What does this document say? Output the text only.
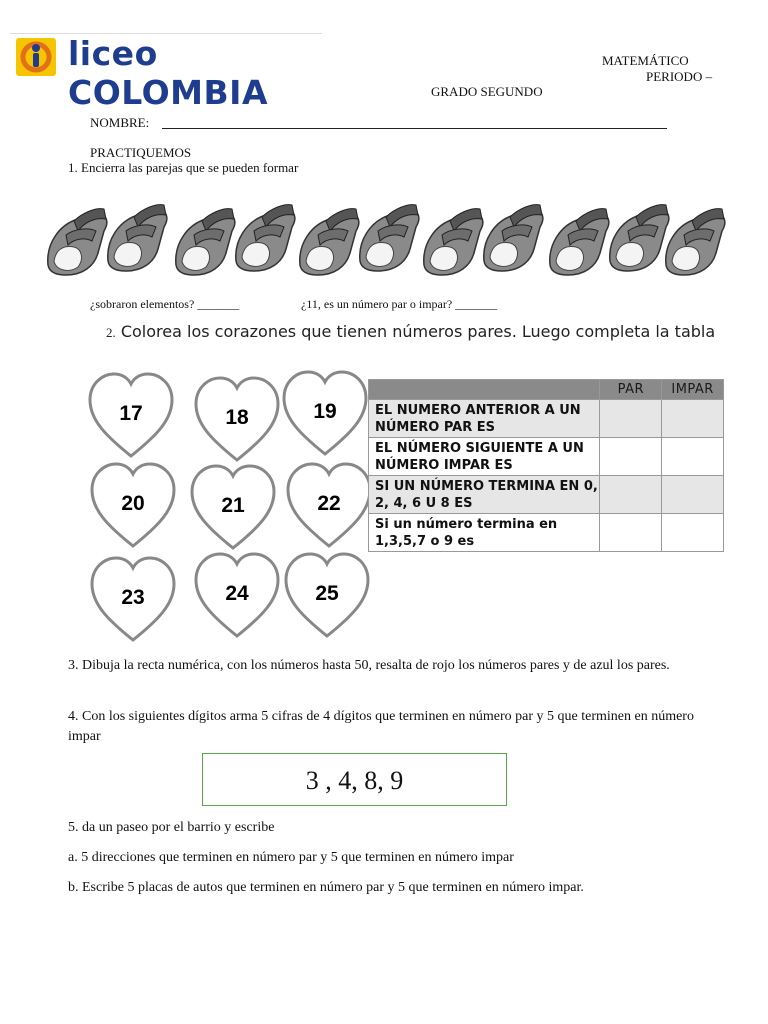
liceo COLOMBIA
MATEMÁTICO
PERIODO –
GRADO SEGUNDO
NOMBRE:
PRACTIQUEMOS
1. Encierra las parejas que se pueden formar
¿sobraron elementos? _______	¿11, es un número par o impar? _______
2. Colorea los corazones que tienen números pares. Luego completa la tabla
17	18	19
20	21	22
23	24	25
	PAR	IMPAR
EL NUMERO ANTERIOR A UN NÚMERO PAR ES		
EL NÚMERO SIGUIENTE A UN NÚMERO IMPAR ES		
SI UN NÚMERO TERMINA EN 0, 2, 4, 6 U 8 ES		
Si un número termina en 1,3,5,7 o 9 es		
3. Dibuja la recta numérica, con los números hasta 50, resalta de rojo los números pares y de azul los pares.
4. Con los siguientes dígitos arma 5 cifras de 4 dígitos que terminen en número par y 5 que terminen en número impar
3 , 4, 8, 9
5. da un paseo por el barrio y escribe
a. 5 direcciones que terminen en número par y 5 que terminen en número impar
b. Escribe 5 placas de autos que terminen en número par y 5 que terminen en número impar.
